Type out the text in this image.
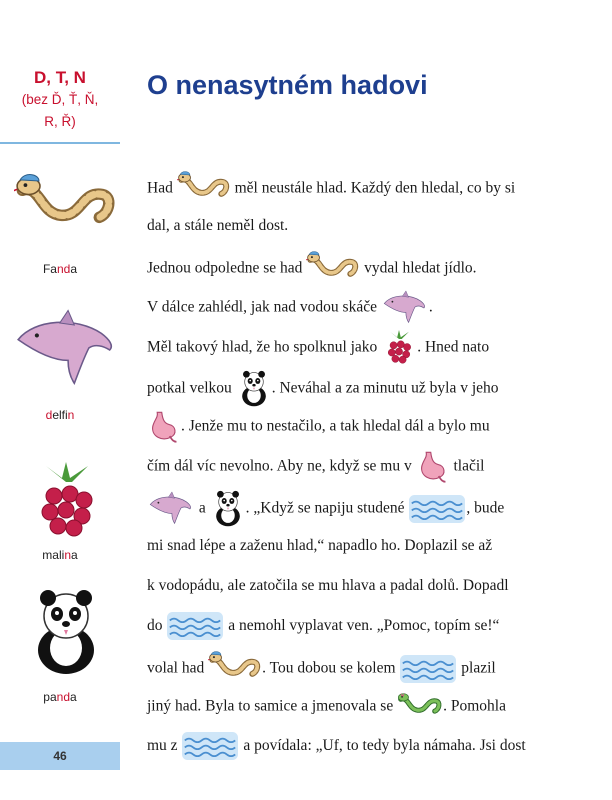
D, T, N
(bez Ď, Ť, Ň,
R, Ř)
Fanda
delfin
malina
panda
46
O nenasytném hadovi
Had	měl neustále hlad. Každý den hledal, co by si
dal, a stále neměl dost.
Jednou odpoledne se had	vydal hledat jídlo.
V dálce zahlédl, jak nad vodou skáče	.
Měl takový hlad, že ho spolknul jako	. Hned nato
potkal velkou	. Neváhal a za minutu už byla v jeho
. Jenže mu to nestačilo, a tak hledal dál a bylo mu
čím dál víc nevolno. Aby ne, když se mu v	tlačil
a	. „Když se napiju studené	, bude
mi snad lépe a zaženu hlad,“ napadlo ho. Doplazil se až
k vodopádu, ale zatočila se mu hlava a padal dolů. Dopadl
do	a nemohl vyplavat ven. „Pomoc, topím se!“
volal had	. Tou dobou se kolem	plazil
jiný had. Byla to samice a jmenovala se	. Pomohla
mu z	a povídala: „Uf, to tedy byla námaha. Jsi dost
